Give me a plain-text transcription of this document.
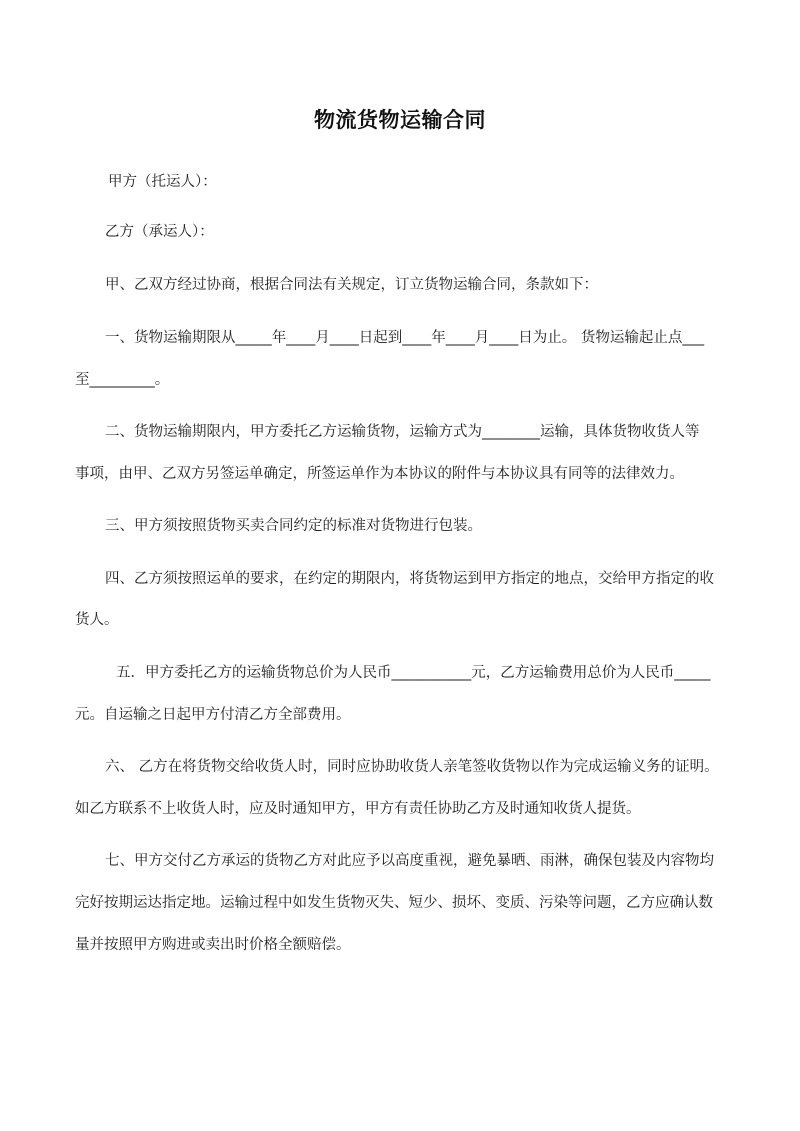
物流货物运输合同
甲方（托运人）：
乙方（承运人）：
甲、乙双方经过协商，根据合同法有关规定，订立货物运输合同，条款如下：
一、货物运输期限从_____年____月____日起到____年____月____日为止。 货物运输起止点___
至_________。
二、货物运输期限内，甲方委托乙方运输货物，运输方式为________运输，具体货物收货人等
事项，由甲、乙双方另签运单确定，所签运单作为本协议的附件与本协议具有同等的法律效力。
三、甲方须按照货物买卖合同约定的标准对货物进行包装。
四、乙方须按照运单的要求，在约定的期限内，将货物运到甲方指定的地点，交给甲方指定的收
货人。
五．甲方委托乙方的运输货物总价为人民币___________元，乙方运输费用总价为人民币_____
元。自运输之日起甲方付清乙方全部费用。
六、 乙方在将货物交给收货人时，同时应协助收货人亲笔签收货物以作为完成运输义务的证明。
如乙方联系不上收货人时，应及时通知甲方，甲方有责任协助乙方及时通知收货人提货。
七、甲方交付乙方承运的货物乙方对此应予以高度重视，避免暴晒、雨淋，确保包装及内容物均
完好按期运达指定地。运输过程中如发生货物灭失、短少、损坏、变质、污染等问题，乙方应确认数
量并按照甲方购进或卖出时价格全额赔偿。
